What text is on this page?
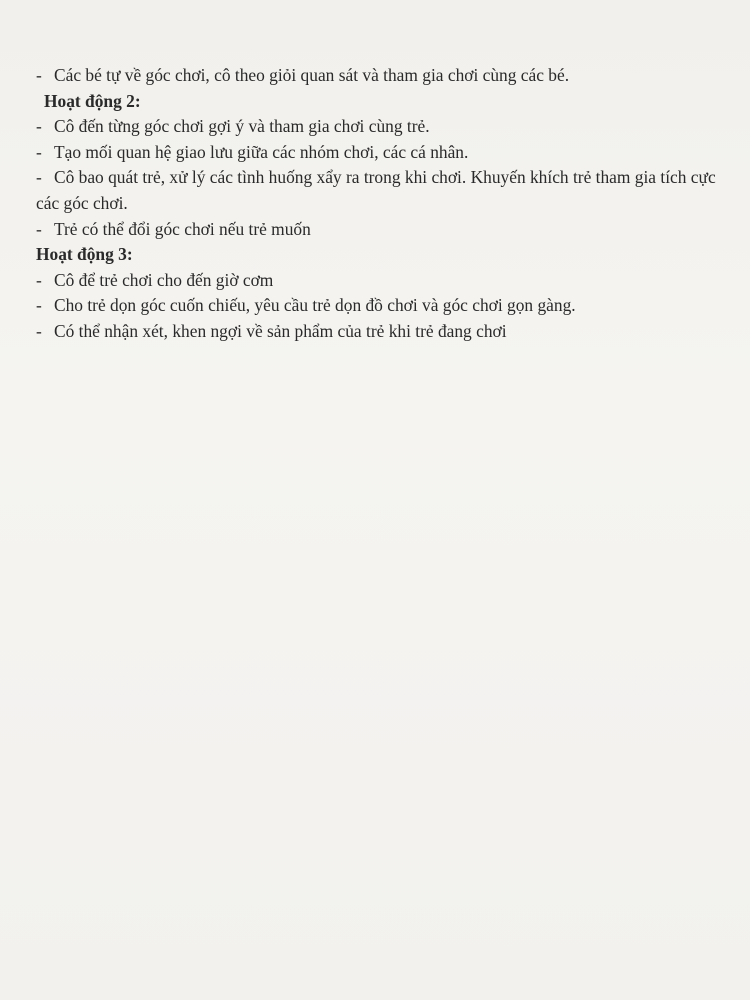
- Các bé tự về góc chơi, cô theo giỏi quan sát và tham gia chơi cùng các bé.
Hoạt động 2:
- Cô đến từng góc chơi gợi ý và tham gia chơi cùng trẻ.
- Tạo mối quan hệ giao lưu giữa các nhóm chơi, các cá nhân.
- Cô bao quát trẻ, xử lý các tình huống xẩy ra trong khi chơi. Khuyến khích trẻ tham gia tích cực các góc chơi.
- Trẻ có thể đổi góc chơi nếu trẻ muốn
Hoạt động 3:
- Cô để trẻ chơi cho đến giờ cơm
- Cho trẻ dọn góc cuốn chiếu, yêu cầu trẻ dọn đồ chơi và góc chơi gọn gàng.
- Có thể nhận xét, khen ngợi về sản phẩm của trẻ khi trẻ đang chơi
